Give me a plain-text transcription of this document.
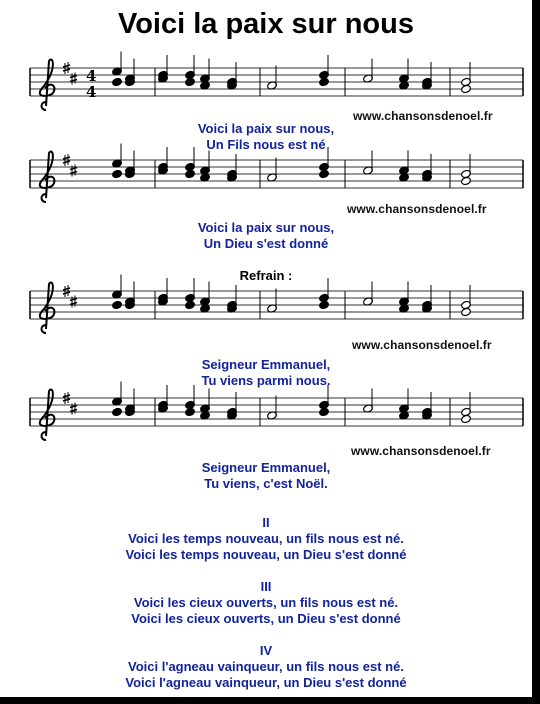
Voici la paix sur nous
4
4
www.chansonsdenoel.fr
Voici la paix sur nous,
Un Fils nous est né
www.chansonsdenoel.fr
Voici la paix sur nous,
Un Dieu s'est donné
Refrain :
www.chansonsdenoel.fr
Seigneur Emmanuel,
Tu viens parmi nous.
www.chansonsdenoel.fr
Seigneur Emmanuel,
Tu viens, c'est Noël.
II
Voici les temps nouveau, un fils nous est né.
Voici les temps nouveau, un Dieu s'est donné
III
Voici les cieux ouverts, un fils nous est né.
Voici les cieux ouverts, un Dieu s'est donné
IV
Voici l'agneau vainqueur, un fils nous est né.
Voici l'agneau vainqueur, un Dieu s'est donné
